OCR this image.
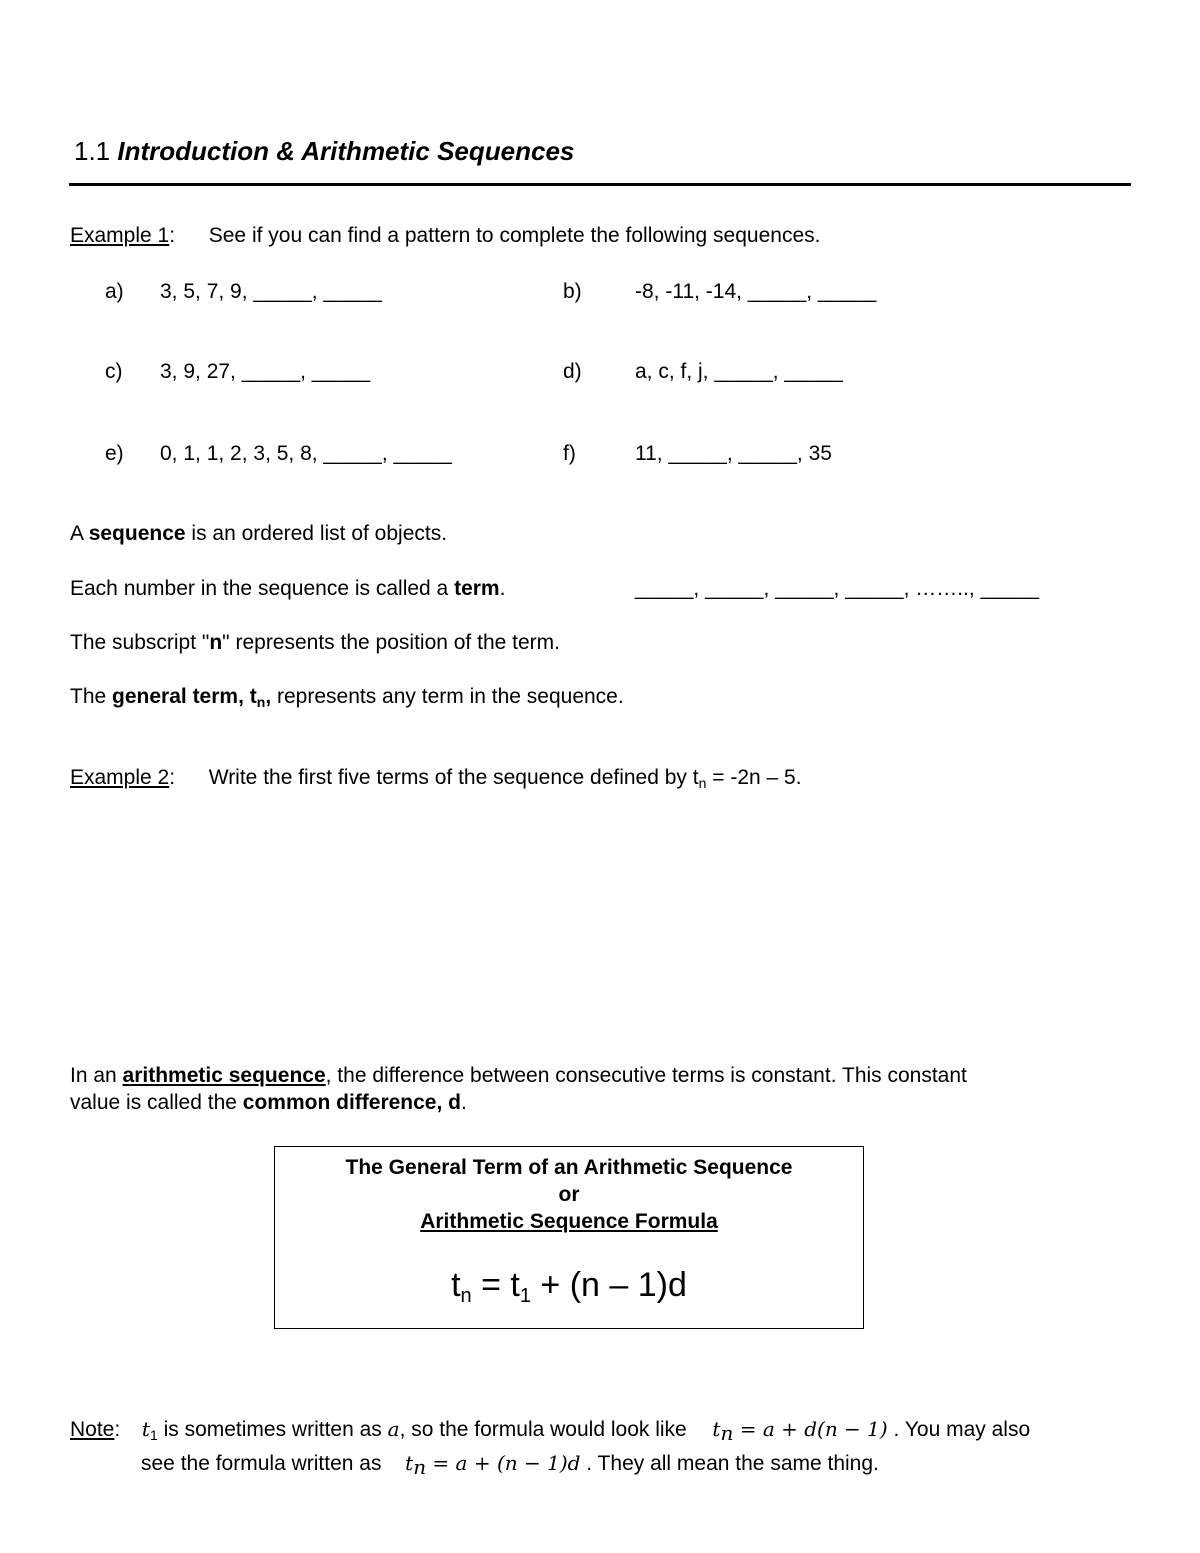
1.1 Introduction & Arithmetic Sequences
Example 1: See if you can find a pattern to complete the following sequences.
a) 3, 5, 7, 9, _____, _____	b)	-8, -11, -14, _____, _____
c) 3, 9, 27, _____, _____	d)	a, c, f, j, _____, _____
e) 0, 1, 1, 2, 3, 5, 8, _____, _____	f)	11, _____, _____, 35
A sequence is an ordered list of objects.
Each number in the sequence is called a term.	_____, _____, _____, _____, …….., _____
The subscript "n" represents the position of the term.
The general term, $t_n$, represents any term in the sequence.
Example 2: Write the first five terms of the sequence defined by $t_n = -2n - 5$.
In an arithmetic sequence, the difference between consecutive terms is constant. This constant
value is called the common difference, d.
The General Term of an Arithmetic Sequence
or
Arithmetic Sequence Formula
$t_n = t_1 + (n - 1)d$
Note: $t_1$ is sometimes written as a, so the formula would look like $t_n = a + d(n - 1)$ . You may also
see the formula written as $t_n = a + (n - 1)d$ . They all mean the same thing.
